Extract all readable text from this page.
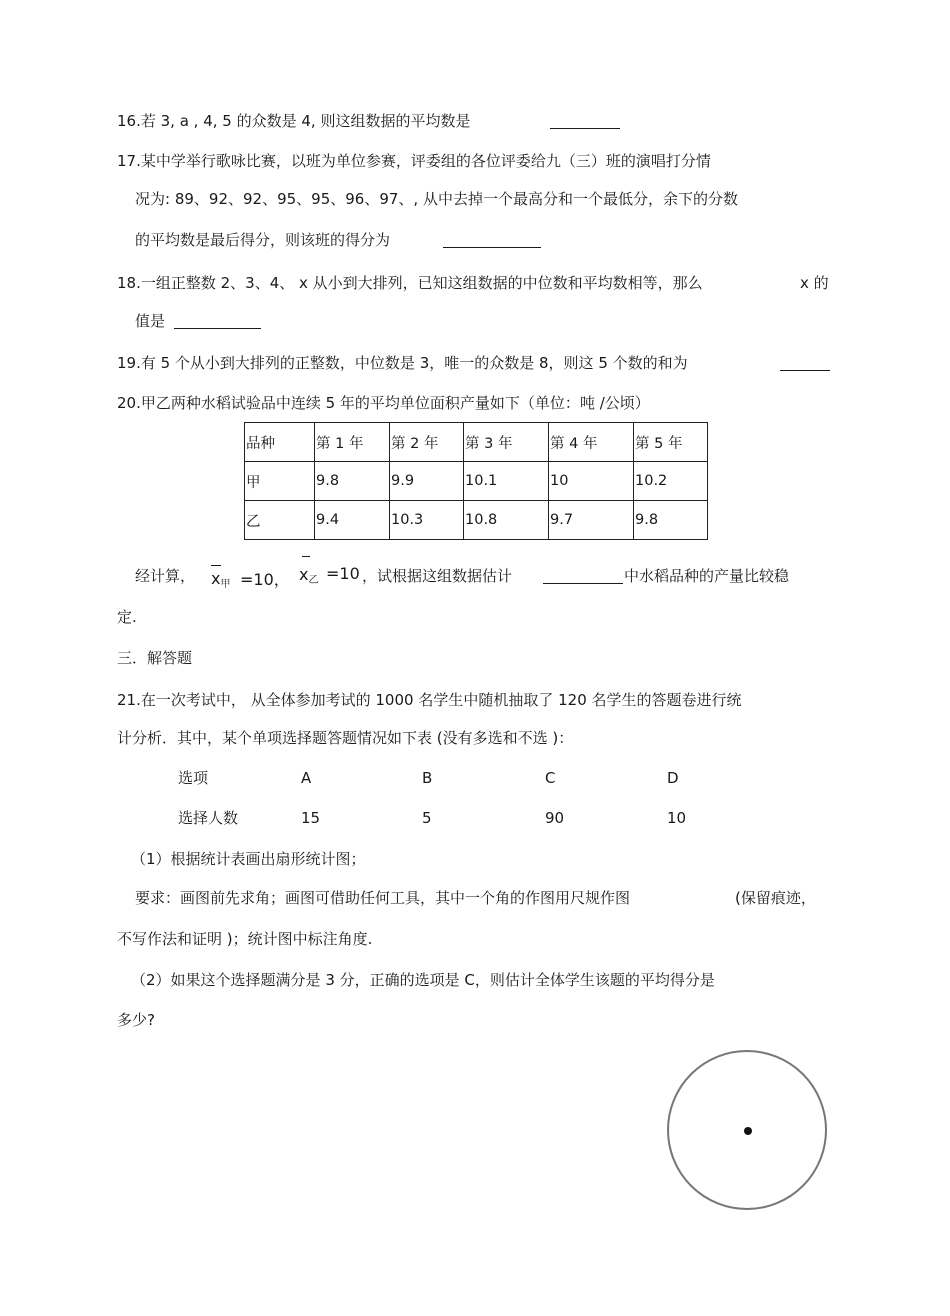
16.若 3, a , 4, 5 的众数是 4, 则这组数据的平均数是
17.某中学举行歌咏比赛，以班为单位参赛，评委组的各位评委给九（三）班的演唱打分情
况为: 89、92、92、95、95、96、97、, 从中去掉一个最高分和一个最低分，余下的分数
的平均数是最后得分，则该班的得分为
18.一组正整数 2、3、4、 x 从小到大排列，已知这组数据的中位数和平均数相等，那么	x 的
值是
19.有 5 个从小到大排列的正整数，中位数是 3，唯一的众数是 8，则这 5 个数的和为
20.甲乙两种水稻试验品中连续 5 年的平均单位面积产量如下（单位：吨 /公顷）
品种	第 1 年	第 2 年	第 3 年	第 4 年	第 5 年
甲	9.8	9.9	10.1	10	10.2
乙	9.4	10.3	10.8	9.7	9.8
经计算， x甲 =10， x乙 =10 ，试根据这组数据估计	中水稻品种的产量比较稳
定.
三．解答题
21.在一次考试中， 从全体参加考试的 1000 名学生中随机抽取了 120 名学生的答题卷进行统
计分析．其中，某个单项选择题答题情况如下表 (没有多选和不选 )：
选项	A	B	C	D
选择人数	15	5	90	10
（1）根据统计表画出扇形统计图；
要求：画图前先求角；画图可借助任何工具，其中一个角的作图用尺规作图	(保留痕迹，
不写作法和证明 )；统计图中标注角度.
（2）如果这个选择题满分是 3 分，正确的选项是 C，则估计全体学生该题的平均得分是
多少?
